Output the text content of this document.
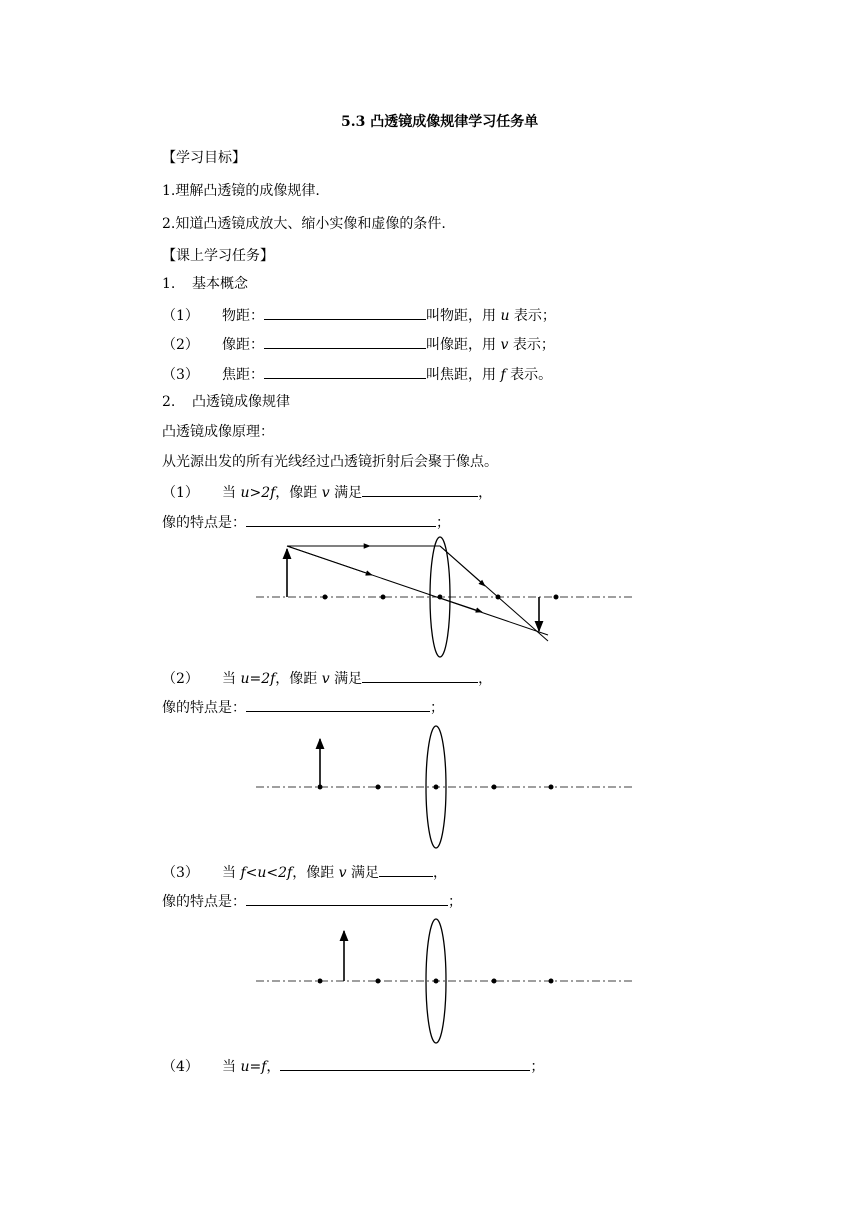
5.3 凸透镜成像规律学习任务单
【学习目标】
1.理解凸透镜的成像规律.
2.知道凸透镜成放大、缩小实像和虚像的条件.
【课上学习任务】
1. 基本概念
（1） 物距：	叫物距，用 u 表示；
（2） 像距：	叫像距，用 v 表示；
（3） 焦距：	叫焦距，用 f 表示。
2. 凸透镜成像规律
凸透镜成像原理：
从光源出发的所有光线经过凸透镜折射后会聚于像点。
（1） 当 u>2f，像距 v 满足	，
像的特点是：	；
（2） 当 u=2f，像距 v 满足	，
像的特点是：	；
（3） 当 f<u<2f，像距 v 满足	，
像的特点是：	；
（4） 当 u=f，	；
